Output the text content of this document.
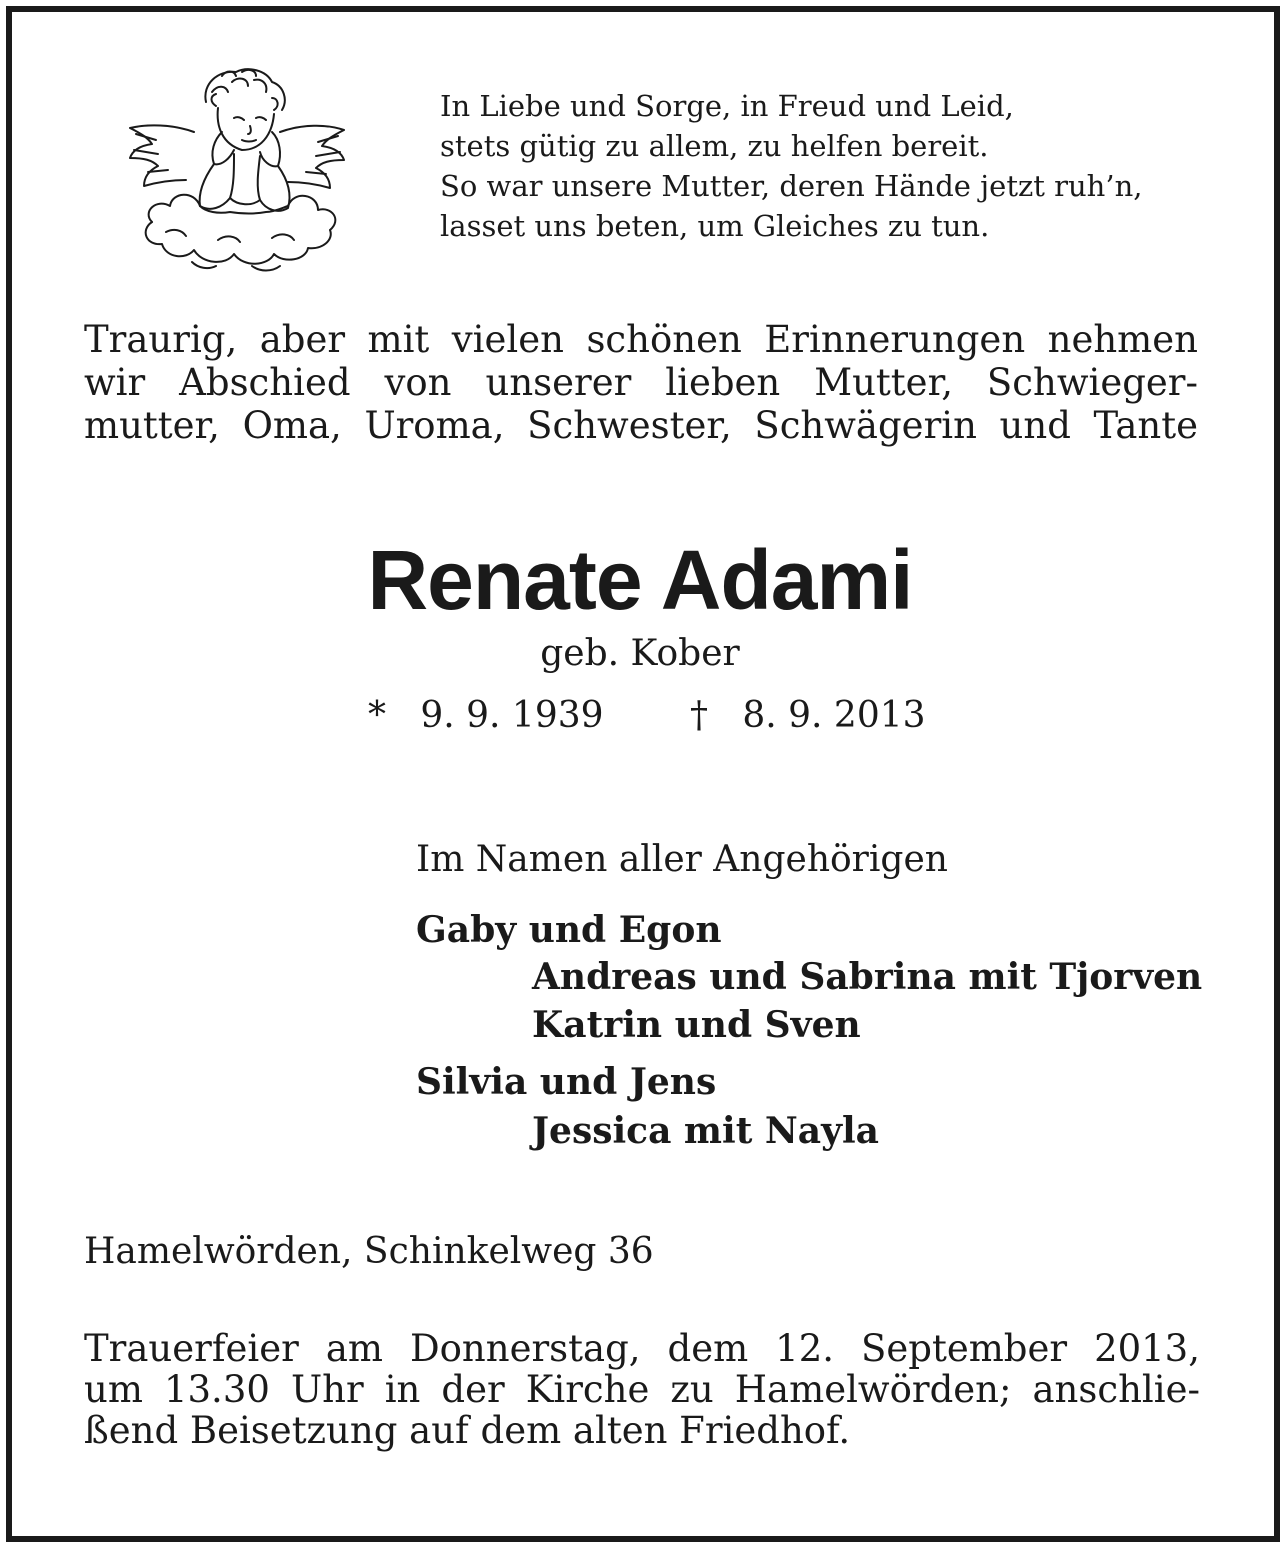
In Liebe und Sorge, in Freud und Leid,
stets gütig zu allem, zu helfen bereit.
So war unsere Mutter, deren Hände jetzt ruh’n,
lasset uns beten, um Gleiches zu tun.
Traurig, aber mit vielen schönen Erinnerungen nehmen
wir Abschied von unserer lieben Mutter, Schwieger-
mutter, Oma, Uroma, Schwester, Schwägerin und Tante
Renate Adami
geb. Kober
* 9. 9. 1939 † 8. 9. 2013
Im Namen aller Angehörigen
Gaby und Egon
Andreas und Sabrina mit Tjorven
Katrin und Sven
Silvia und Jens
Jessica mit Nayla
Hamelwörden, Schinkelweg 36
Trauerfeier am Donnerstag, dem 12. September 2013,
um 13.30 Uhr in der Kirche zu Hamelwörden; anschlie-
ßend Beisetzung auf dem alten Friedhof.
